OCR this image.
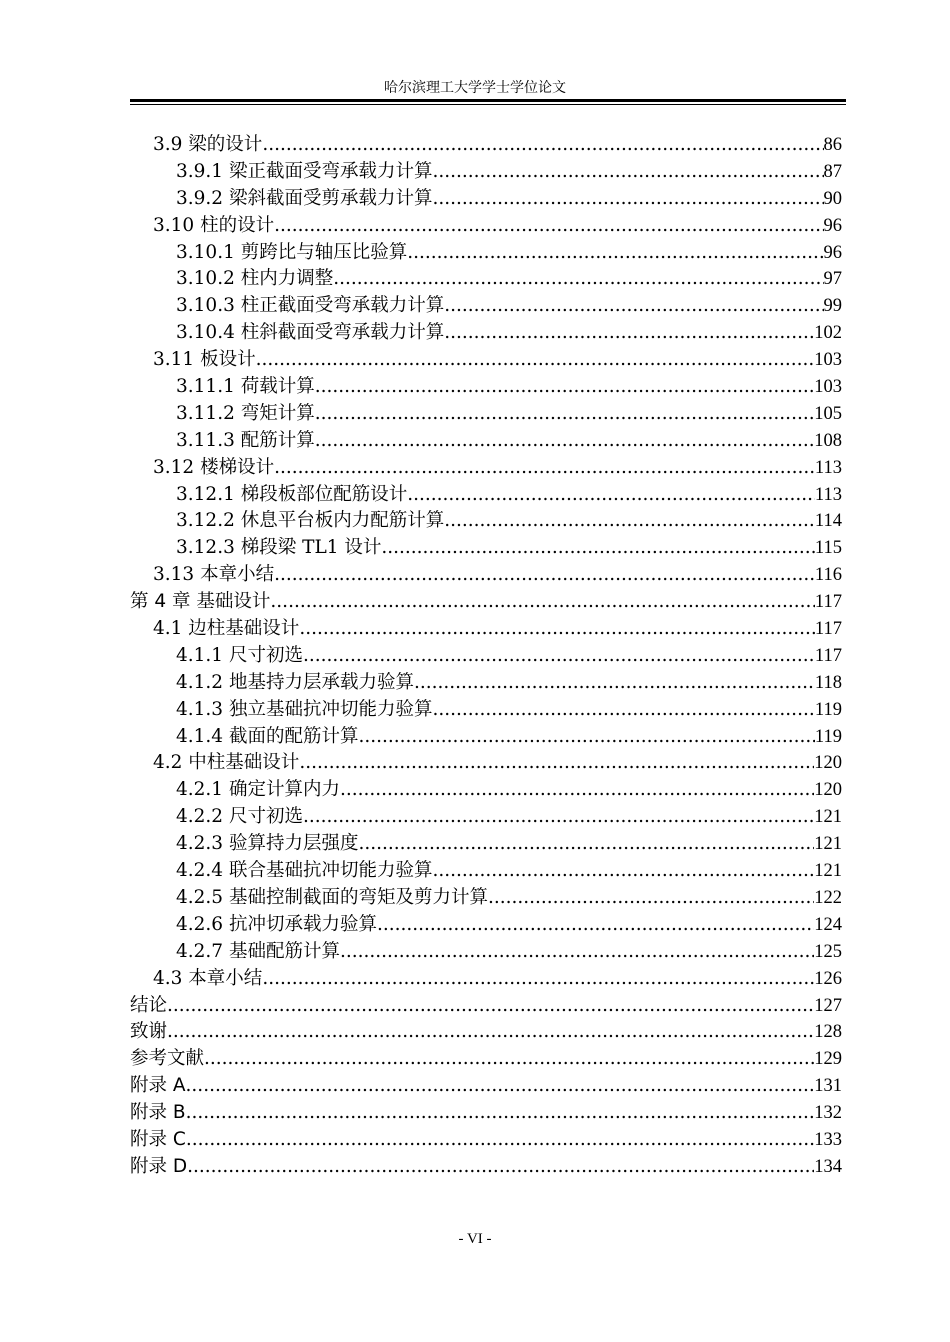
哈尔滨理工大学学士学位论文
3.9 梁的设计 .....	86
3.9.1 梁正截面受弯承载力计算 .....	87
3.9.2 梁斜截面受剪承载力计算 .....	90
3.10 柱的设计 .....	96
3.10.1 剪跨比与轴压比验算 .....	96
3.10.2 柱内力调整 .....	97
3.10.3 柱正截面受弯承载力计算 .....	99
3.10.4 柱斜截面受弯承载力计算 .....	102
3.11 板设计 .....	103
3.11.1 荷载计算 .....	103
3.11.2 弯矩计算 .....	105
3.11.3 配筋计算 .....	108
3.12 楼梯设计 .....	113
3.12.1 梯段板部位配筋设计 .....	113
3.12.2 休息平台板内力配筋计算 .....	114
3.12.3 梯段梁 TL1 设计 .....	115
3.13 本章小结 .....	116
第 4 章 基础设计 .....	117
4.1 边柱基础设计 .....	117
4.1.1 尺寸初选 .....	117
4.1.2 地基持力层承载力验算 .....	118
4.1.3 独立基础抗冲切能力验算 .....	119
4.1.4 截面的配筋计算 .....	119
4.2 中柱基础设计 .....	120
4.2.1 确定计算内力 .....	120
4.2.2 尺寸初选 .....	121
4.2.3 验算持力层强度 .....	121
4.2.4 联合基础抗冲切能力验算 .....	121
4.2.5 基础控制截面的弯矩及剪力计算 .....	122
4.2.6 抗冲切承载力验算 .....	124
4.2.7 基础配筋计算 .....	125
4.3 本章小结 .....	126
结论 .....	127
致谢 .....	128
参考文献 .....	129
附录 A .....	131
附录 B .....	132
附录 C .....	133
附录 D .....	134
- VI -
